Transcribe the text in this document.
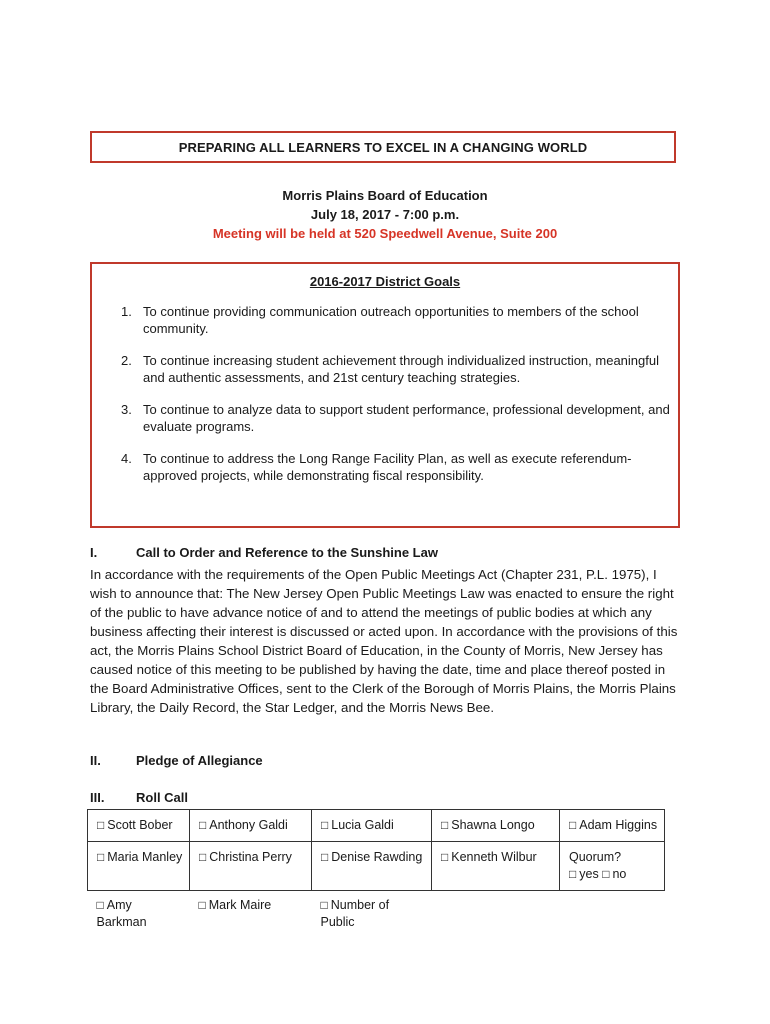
PREPARING ALL LEARNERS TO EXCEL IN A CHANGING WORLD
Morris Plains Board of Education
July 18, 2017 - 7:00 p.m.
Meeting will be held at 520 Speedwell Avenue, Suite 200
2016-2017 District Goals
1. To continue providing communication outreach opportunities to members of the school community.
2. To continue increasing student achievement through individualized instruction, meaningful and authentic assessments, and 21st century teaching strategies.
3. To continue to analyze data to support student performance, professional development, and evaluate programs.
4. To continue to address the Long Range Facility Plan, as well as execute referendum-approved projects, while demonstrating fiscal responsibility.
I.	Call to Order and Reference to the Sunshine Law

In accordance with the requirements of the Open Public Meetings Act (Chapter 231, P.L. 1975), I wish to announce that: The New Jersey Open Public Meetings Law was enacted to ensure the right of the public to have advance notice of and to attend the meetings of public bodies at which any business affecting their interest is discussed or acted upon. In accordance with the provisions of this act, the Morris Plains School District Board of Education, in the County of Morris, New Jersey has caused notice of this meeting to be published by having the date, time and place thereof posted in the Board Administrative Offices, sent to the Clerk of the Borough of Morris Plains, the Morris Plains Library, the Daily Record, the Star Ledger, and the Morris News Bee.

II.	Pledge of Allegiance
III.	Roll Call
□ Scott Bober	□ Anthony Galdi	□ Lucia Galdi	□ Shawna Longo	□ Adam Higgins
□ Maria Manley	□ Christina Perry	□ Denise Rawding	□ Kenneth Wilbur	Quorum?
□ yes □ no

□ Amy Barkman	□ Mark Maire	□ Number of Public		
